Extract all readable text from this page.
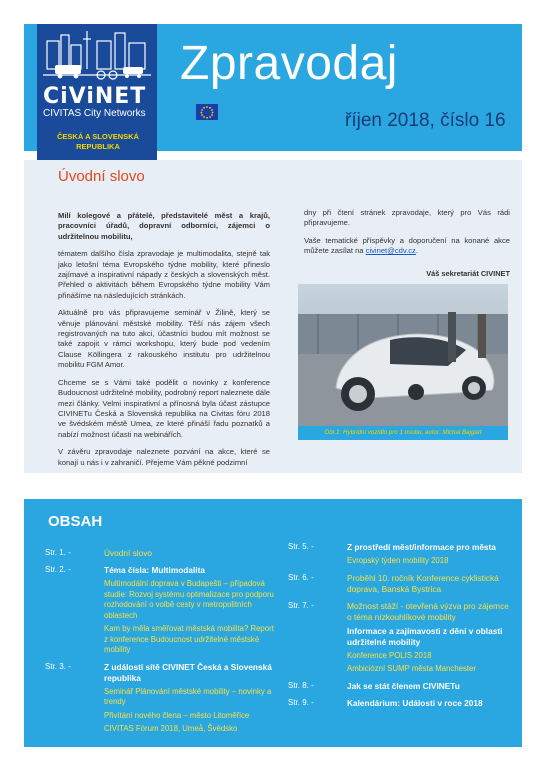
CiViNET
CIVITAS City Networks
ČESKÁ A SLOVENSKÁ REPUBLIKA
Zpravodaj
říjen 2018, číslo 16
Úvodní slovo

Milí kolegové a přátelé, představitelé měst a krajů, pracovníci úřadů, dopravní odborníci, zájemci o udržitelnou mobilitu,

tématem dalšího čísla zpravodaje je multimodalita, stejně tak jako letošní téma Evropského týdne mobility, které přineslo zajímavé a inspirativní nápady z českých a slovenských měst. Přehled o aktivitách během Evropského týdne mobility Vám přinášíme na následujících stránkách.

Aktuálně pro vás připravujeme seminář v Žilině, který se věnuje plánování městské mobility. Těší nás zájem všech registrovaných na tuto akci, účastníci budou mít možnost se také zapojit v rámci workshopu, který bude pod vedením Clause Köllingera z rakouského institutu pro udržitelnou mobilitu FGM Amor.

Chceme se s Vámi také podělit o novinky z konference Budoucnost udržitelné mobility, podrobný report naleznete dále mezi články. Velmi inspirativní a přínosná byla účast zástupce CIVINETu Česká a Slovenská republika na Civitas fóru 2018 ve švédském městě Umea, ze které přináší řadu poznatků a nabízí možnost účasti na webinářích.

V závěru zpravodaje naleznete pozvání na akce, které se konají u nás i v zahraničí. Přejeme Vám pěkné podzimní

dny při čtení stránek zpravodaje, který pro Vás rádi připravujeme.

Vaše tematické příspěvky a doporučení na konané akce můžete zasílat na civinet@cdv.cz.

Váš sekretariát CIVINET
Obr.1: Hybridní vozidlo pro 1 osobu, autor: Michal Bajgart
OBSAH
Str. 1. -	Úvodní slovo
Str. 2. -	Téma čísla: Multimodalita
Multimodální doprava v Budapešti – případová studie: Rozvoj systému optimalizace pro podporu rozhodování o volbě cesty v metropolitních oblastech
Kam by měla směřovat městská mobilita? Report z konference Budoucnost udržitelné městské mobility
Str. 3. -	Z událostí sítě CIVINET Česká a Slovenská republika
Seminář Plánování městské mobility – novinky a trendy
Přivítání nového člena – město Litoměřice
CIVITAS Fórum 2018, Umeå, Švédsko
Str. 5. -	Z prostředí měst/informace pro města
Evropský týden mobility 2018
Str. 6. -	Proběhl 10. ročník Konference cyklistická doprava, Banská Bystrica
Str. 7. -	Možnost stáží - otevřená výzva pro zájemce o téma nízkouhlíkové mobility
Informace a zajímavosti z dění v oblasti udržitelné mobility
Konference POLIS 2018
Ambiciózní SUMP města Manchester
Str. 8. -	Jak se stát členem CIVINETu
Str. 9. -	Kalendárium: Události v roce 2018
